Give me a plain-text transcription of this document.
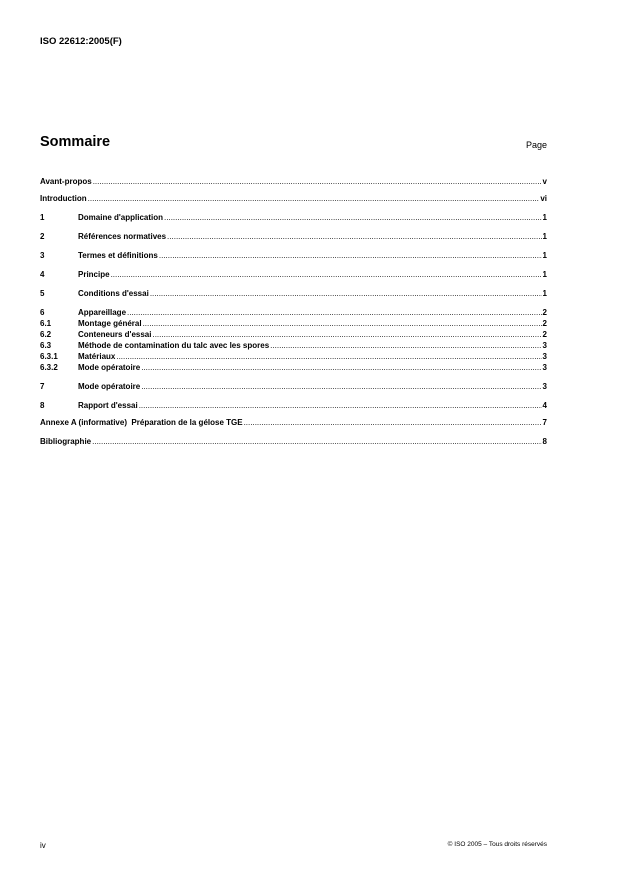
ISO 22612:2005(F)
Sommaire	Page
Avant-propos .....	v
Introduction .....	vi
1	Domaine d'application .....	1
2	Références normatives .....	1
3	Termes et définitions .....	1
4	Principe .....	1
5	Conditions d'essai .....	1
6	Appareillage .....	2
6.1	Montage général .....	2
6.2	Conteneurs d'essai .....	2
6.3	Méthode de contamination du talc avec les spores .....	3
6.3.1	Matériaux .....	3
6.3.2	Mode opératoire .....	3
7	Mode opératoire .....	3
8	Rapport d'essai .....	4
Annexe A (informative)  Préparation de la gélose TGE .....	7
Bibliographie .....	8
iv	© ISO 2005 – Tous droits réservés
